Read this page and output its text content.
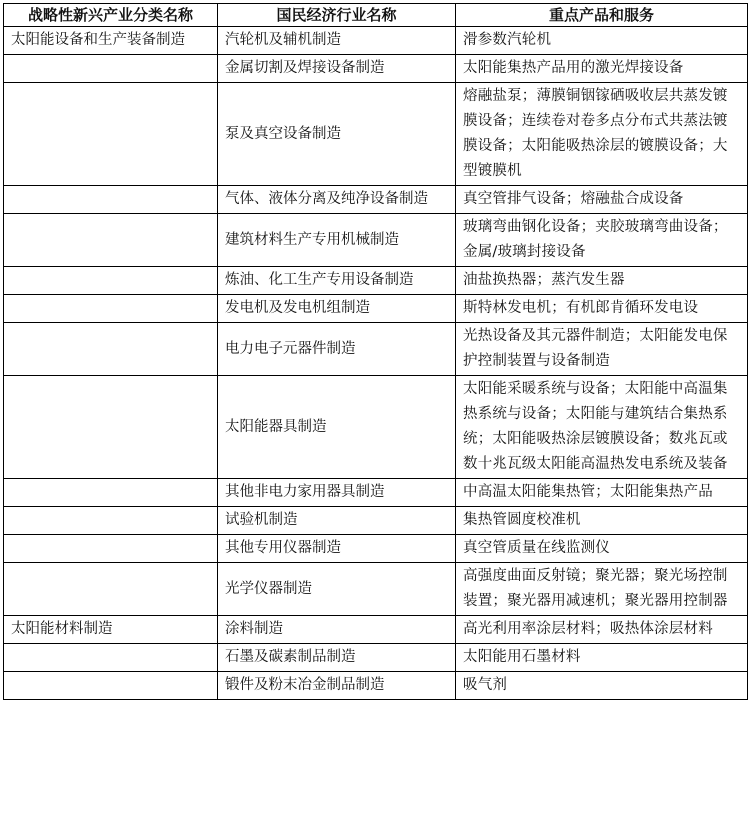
战略性新兴产业分类名称	国民经济行业名称	重点产品和服务
太阳能设备和生产装备制造	汽轮机及辅机制造	滑参数汽轮机
	金属切割及焊接设备制造	太阳能集热产品用的激光焊接设备
	泵及真空设备制造	熔融盐泵；薄膜铜铟镓硒吸收层共蒸发镀膜设备；连续卷对卷多点分布式共蒸法镀膜设备；太阳能吸热涂层的镀膜设备；大型镀膜机
	气体、液体分离及纯净设备制造	真空管排气设备；熔融盐合成设备
	建筑材料生产专用机械制造	玻璃弯曲钢化设备；夹胶玻璃弯曲设备；金属/玻璃封接设备
	炼油、化工生产专用设备制造	油盐换热器；蒸汽发生器
	发电机及发电机组制造	斯特林发电机；有机郎肯循环发电设
	电力电子元器件制造	光热设备及其元器件制造；太阳能发电保护控制装置与设备制造
	太阳能器具制造	太阳能采暖系统与设备；太阳能中高温集热系统与设备；太阳能与建筑结合集热系统；太阳能吸热涂层镀膜设备；数兆瓦或数十兆瓦级太阳能高温热发电系统及装备
	其他非电力家用器具制造	中高温太阳能集热管；太阳能集热产品
	试验机制造	集热管圆度校准机
	其他专用仪器制造	真空管质量在线监测仪
	光学仪器制造	高强度曲面反射镜；聚光器；聚光场控制装置；聚光器用减速机；聚光器用控制器
太阳能材料制造	涂料制造	高光利用率涂层材料；吸热体涂层材料
	石墨及碳素制品制造	太阳能用石墨材料
	锻件及粉末冶金制品制造	吸气剂
